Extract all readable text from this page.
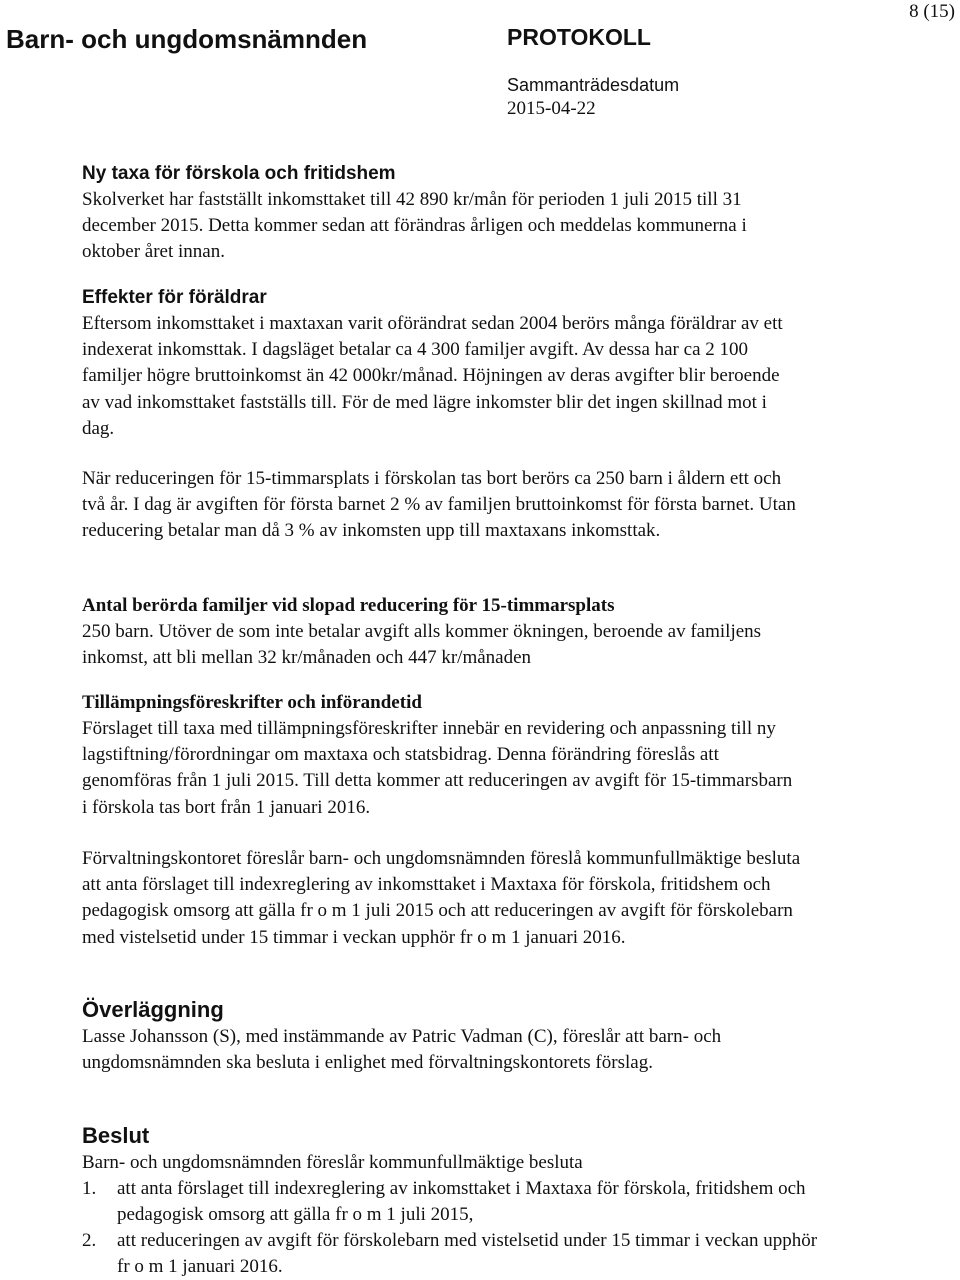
Barn- och ungdomsnämnden	PROTOKOLL
8 (15)
Sammanträdesdatum
2015-04-22
Ny taxa för förskola och fritidshem

Skolverket har fastställt inkomsttaket till 42 890 kr/mån för perioden 1 juli 2015 till 31 december 2015. Detta kommer sedan att förändras årligen och meddelas kommunerna i oktober året innan.

Effekter för föräldrar

Eftersom inkomsttaket i maxtaxan varit oförändrat sedan 2004 berörs många föräldrar av ett indexerat inkomsttak. I dagsläget betalar ca 4 300 familjer avgift. Av dessa har ca 2 100 familjer högre bruttoinkomst än 42 000kr/månad. Höjningen av deras avgifter blir beroende av vad inkomsttaket fastställs till. För de med lägre inkomster blir det ingen skillnad mot i dag.

När reduceringen för 15-timmarsplats i förskolan tas bort berörs ca 250 barn i åldern ett och två år. I dag är avgiften för första barnet 2 % av familjen bruttoinkomst för första barnet. Utan reducering betalar man då 3 % av inkomsten upp till maxtaxans inkomsttak.

Antal berörda familjer vid slopad reducering för 15-timmarsplats

250 barn. Utöver de som inte betalar avgift alls kommer ökningen, beroende av familjens inkomst, att bli mellan 32 kr/månaden och 447 kr/månaden

Tillämpningsföreskrifter och införandetid

Förslaget till taxa med tillämpningsföreskrifter innebär en revidering och anpassning till ny lagstiftning/förordningar om maxtaxa och statsbidrag. Denna förändring föreslås att genomföras från 1 juli 2015. Till detta kommer att reduceringen av avgift för 15-timmarsbarn i förskola tas bort från 1 januari 2016.

Förvaltningskontoret föreslår barn- och ungdomsnämnden föreslå kommunfullmäktige besluta att anta förslaget till indexreglering av inkomsttaket i Maxtaxa för förskola, fritidshem och pedagogisk omsorg att gälla fr o m 1 juli 2015 och att reduceringen av avgift för förskolebarn med vistelsetid under 15 timmar i veckan upphör fr o m 1 januari 2016.

Överläggning

Lasse Johansson (S), med instämmande av Patric Vadman (C), föreslår att barn- och ungdomsnämnden ska besluta i enlighet med förvaltningskontorets förslag.

Beslut

Barn- och ungdomsnämnden föreslår kommunfullmäktige besluta

1. att anta förslaget till indexreglering av inkomsttaket i Maxtaxa för förskola, fritidshem och pedagogisk omsorg att gälla fr o m 1 juli 2015,
2. att reduceringen av avgift för förskolebarn med vistelsetid under 15 timmar i veckan upphör fr o m 1 januari 2016.
